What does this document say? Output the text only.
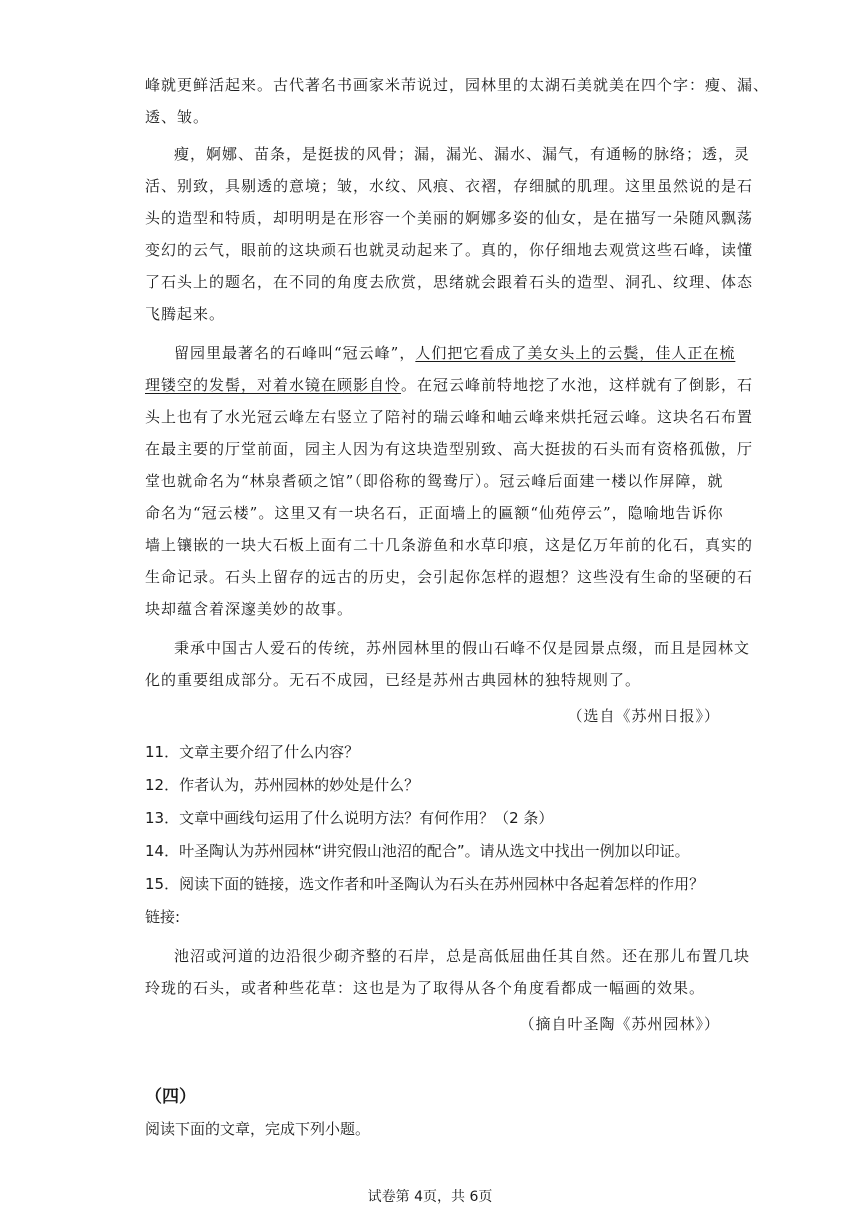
峰就更鲜活起来。古代著名书画家米芾说过，园林里的太湖石美就美在四个字：瘦、漏、
透、皱。
瘦，婀娜、苗条，是挺拔的风骨；漏，漏光、漏水、漏气，有通畅的脉络；透，灵
活、别致，具剔透的意境；皱，水纹、风痕、衣褶，存细腻的肌理。这里虽然说的是石
头的造型和特质，却明明是在形容一个美丽的婀娜多姿的仙女，是在描写一朵随风飘荡
变幻的云气，眼前的这块顽石也就灵动起来了。真的，你仔细地去观赏这些石峰，读懂
了石头上的题名，在不同的角度去欣赏，思绪就会跟着石头的造型、洞孔、纹理、体态
飞腾起来。
留园里最著名的石峰叫“冠云峰”，人们把它看成了美女头上的云鬓，佳人正在梳
理镂空的发髻，对着水镜在顾影自怜。在冠云峰前特地挖了水池，这样就有了倒影，石
头上也有了水光冠云峰左右竖立了陪衬的瑞云峰和岫云峰来烘托冠云峰。这块名石布置
在最主要的厅堂前面，园主人因为有这块造型别致、高大挺拔的石头而有资格孤傲，厅
堂也就命名为“林泉耆硕之馆”（即俗称的鸳鸯厅）。冠云峰后面建一楼以作屏障，就
命名为“冠云楼”。这里又有一块名石，正面墙上的匾额“仙苑停云”，隐喻地告诉你
墙上镶嵌的一块大石板上面有二十几条游鱼和水草印痕，这是亿万年前的化石，真实的
生命记录。石头上留存的远古的历史，会引起你怎样的遐想？这些没有生命的坚硬的石
块却蕴含着深邃美妙的故事。
秉承中国古人爱石的传统，苏州园林里的假山石峰不仅是园景点缀，而且是园林文
化的重要组成部分。无石不成园，已经是苏州古典园林的独特规则了。
（选自《苏州日报》）
11．文章主要介绍了什么内容？
12．作者认为，苏州园林的妙处是什么？
13．文章中画线句运用了什么说明方法？有何作用？（2 条）
14．叶圣陶认为苏州园林“讲究假山池沼的配合”。请从选文中找出一例加以印证。
15．阅读下面的链接，选文作者和叶圣陶认为石头在苏州园林中各起着怎样的作用？
链接:
池沼或河道的边沿很少砌齐整的石岸，总是高低屈曲任其自然。还在那儿布置几块
玲珑的石头，或者种些花草：这也是为了取得从各个角度看都成一幅画的效果。
（摘自叶圣陶《苏州园林》）
（四）
阅读下面的文章，完成下列小题。
试卷第 4页，共 6页
